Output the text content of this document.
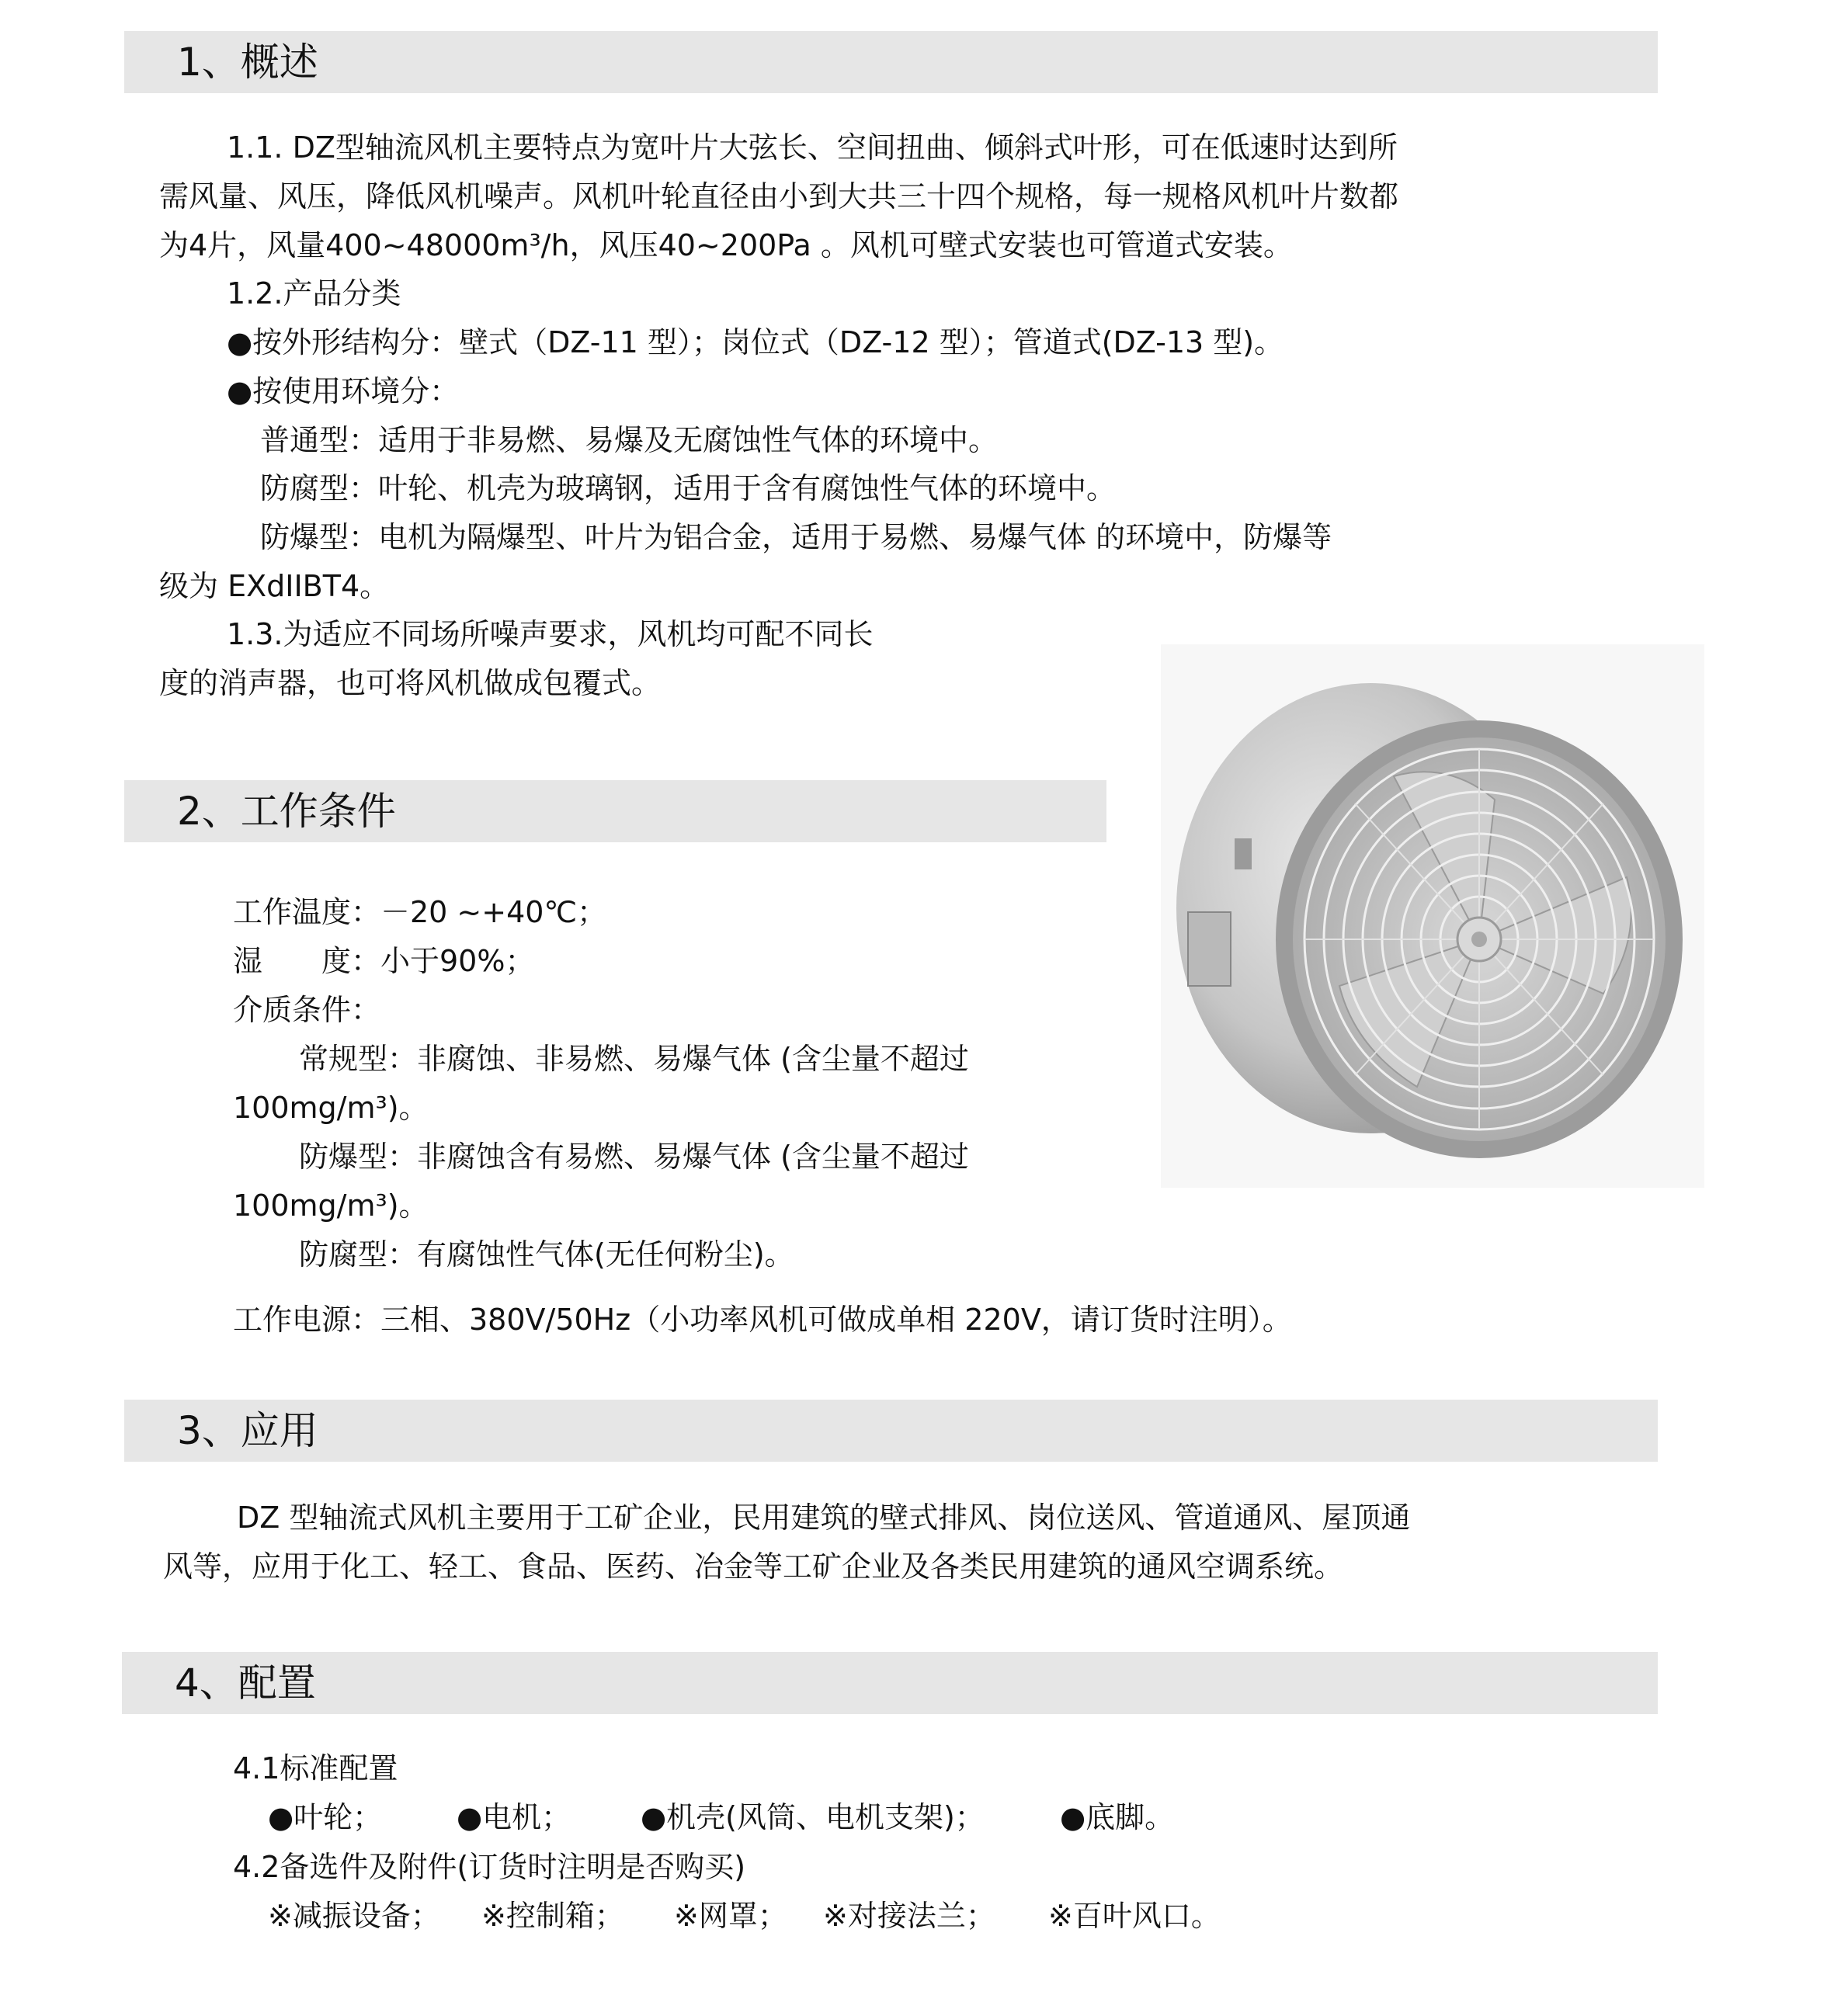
1、概述
1.1. DZ型轴流风机主要特点为宽叶片大弦长、空间扭曲、倾斜式叶形，可在低速时达到所
需风量、风压，降低风机噪声。风机叶轮直径由小到大共三十四个规格，每一规格风机叶片数都
为4片，风量400~48000m³/h，风压40~200Pa 。风机可壁式安装也可管道式安装。
1.2.产品分类
●按外形结构分：壁式（DZ-11 型）；岗位式（DZ-12 型）；管道式(DZ-13 型)。
●按使用环境分：
普通型：适用于非易燃、易爆及无腐蚀性气体的环境中。
防腐型：叶轮、机壳为玻璃钢，适用于含有腐蚀性气体的环境中。
防爆型：电机为隔爆型、叶片为铝合金，适用于易燃、易爆气体 的环境中，防爆等
级为 EXdIIBT4。
1.3.为适应不同场所噪声要求，风机均可配不同长
度的消声器，也可将风机做成包覆式。
2、工作条件
工作温度：－20 ~+40℃；
湿　　度：小于90%；
介质条件：
常规型：非腐蚀、非易燃、易爆气体 (含尘量不超过
100mg/m³)。
防爆型：非腐蚀含有易燃、易爆气体 (含尘量不超过
100mg/m³)。
防腐型：有腐蚀性气体(无任何粉尘)。
工作电源：三相、380V/50Hz（小功率风机可做成单相 220V，请订货时注明）。
3、应用
DZ 型轴流式风机主要用于工矿企业，民用建筑的壁式排风、岗位送风、管道通风、屋顶通
风等，应用于化工、轻工、食品、医药、冶金等工矿企业及各类民用建筑的通风空调系统。
4、配置
4.1标准配置
●叶轮；	●电机； ●机壳(风筒、电机支架)；	●底脚。
4.2备选件及附件(订货时注明是否购买)
※减振设备； ※控制箱； ※网罩； ※对接法兰； ※百叶风口。
